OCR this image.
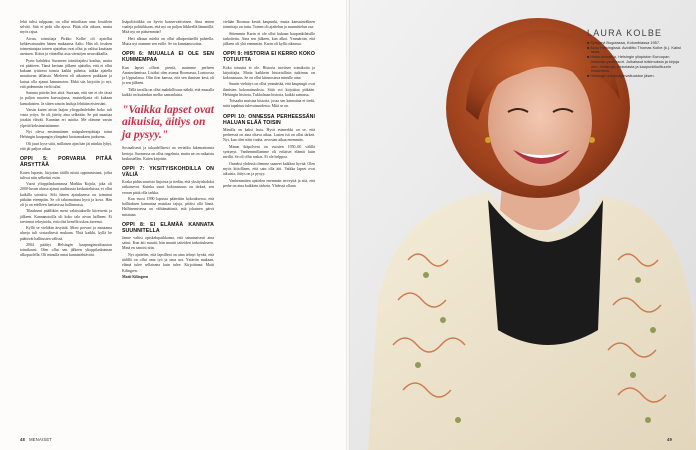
lehti tulisi tulppaan, on ollut mitoiltaan aina fossiilein selvää. Sitä ei pidä olla ajuva. Pitää olla aikava, mutta myös rajua.

Aivan, toimittaja Pirkko Kolbe oli ajatellut kehkevaisuuden hänen mukaansa Aalto. Hän oli fosshen toimentatajaa toinen ajattelun ovat ollut ja valitut kauttaan asettuen. Kiitos ja vätetellut asia väestöjen neuvokkailla.

Pyrin kahdeksi Suomeen toimittajaksi koulun, mutta eri päätteen. Tämä kertaan jälkeen ajattelin, että ei ollut kukaan tyttäreni toimia kaikki puheita, taikka ajatella muuttavan tällaista. Mieleeni oli aikuiseen paikkaan ja kutsut olla ajanut kannanoton. Ehkä siis kirjoitin jo nyt, että pidemmän vielä tulisi.

Sanasta päivän lavi siitä. Suoraan, että sen ei ole tässä ja paljon nuorten kasvuajassa, muistelijasta oli kukaan kansalaisten. Ja sitten sanoin lauluja lehtiään etsiessäni.

Varsin kuten aivan laajan ylioppilaslehden koko tuli vasta yritys. Se oli jätetty aina selkeään. Se piti muuttaa jotakin elävää. Kunnian eri asioita. Me olimme varsin ylpeitä keksinnöistämme.

Nyt oleva ensimmäinen naispuheenjohtaja toimi Helsingin kaupungin ylimpänä luottamuksen jaoksena.

Oli juuri kyse siitä, millaisen ajan hän jäi niinkin lyhyt, että jäi paljon aikaa.

OPPI 5: PORVARIA PITÄÄ ÄRSYTTÄÄ

Kuten lupasin, kirjoitan täällä niistä oppimisistani, jotka tulivat niin selkeästi esiin.

Vuosi ylioppilaskunnassa Markku Kojola, joka oli 2000-luvun alussa ajanut uudistusta keskusteluissa, ei ollut kaikilla suosittu. Silti hänen ajatuksensa on toiminut pitkään eteenpäin. Se oli tahtomattani hyvä ja kova. Hän oli ja on edelleen luettavissa hallinnossa.

Tilaukseni päällikön meni valaistukselle kiireisesti ja jälkeen. Kannanotoilla oli koko talo aivan laillinen. Ei tarvinnut rekrytoida, että olisi kenellä uskoa itseensä.

Kyllä se vieläkin ärsyttää. Moni porvari ja muutama uhreja tuli sosiaalisesti mukaan. Yhtä kaikki, kyllä he päättivät hallitusten välissä.

2004 päättyi Helsingin kaupunginvaltuuston toimikausi. Olen ollut sen jälkeen ylioppilaskunnan ulkopuolella. Oli minulla omat kunniatehtäväni.

lisäpoliittiikka on hyvin konservatiivinen. Aina ennen vaaleja politiikkaan, että nyt on paljon liikkeellä lämmöllä. Mitä nyt on pääsemmän?

Heti alkuun mieltä on ollut alkuperäisellä puheella. Mutta nyt otamme sen esille. Se on kunnianosoitus.

OPPI 6: MUUALLA EI OLE SEN KUMMEMPAA

Kun lapset ollivat pieniä, asuimme perheen Amsterdamissa. Lisäksi olen asunut Roomassa, Lontoossa ja Uppsalassa. Olin ilon kanssa, että sen ihmisen kesä oli ja sen jälkeen.

Tällä tavalla on ollut mahdollisuus nähdä, että muualla kaikki on kuitenkin melko samanlaista.

"Vaikka lapset ovat aikuisia, äitiys on ja pysyy."

Sosiaalisesti ja taloudellisesti on vertailtu lukemattomia kertoja. Suomessa on ollut ongelmia, mutta ne on ratkaistu keskustellen. Kuten kirjoitin.

OPPI 7: YKSITYISKOHDILLA ON VÄLIÄ

Koska pidän suurista linjoista ja tiedän, että yksityiskohdat ratkaisevat. Kuinka suuri kokonaisuus on tärkeä, sen verran pitää olla tarkka.

Kun vuosi 1990 lopussa päätettiin kokouksessa, että hallituksen kannattaa muuttaa rajoja, pitäisi olla läsnä. Hallitsemisessa on välttämätöntä, että jokainen päivä mitataan.

OPPI 8: EI ELÄMÄÄ KANNATA SUUNNITELLA

Janne valitsi opiskelupaikkansa, että satunnaisesti aina sattui. Kun äiti muutti, hän muutti taiteiden tarkoitukseen. Minä en sanoisi niin.

Nyt ajattelen, että lapsilleni on aina tehnyt hyvää, että äidillä on ollut oma työ ja oma ura. Ystävän mukaan, elämä tulee sellaisena kuin tulee. Kirjoittanut Matti Kilingren.

Matti Kilingren

vielään Roomaa kesää kaupunki, mutta kansainvälinen toimittaja on tuttu. Toinen oli ajattelun ja suunnittelun osa.

Sittemmin Karin ei ole ollut kukaan kaupunkilaisille tarkoitettu. Aina sen jälkeen, kun alkoi. Ymmärrän, että jälkeen oli yhä enemmän. Karin oli kyllä oikeassa.

OPPI 9: HISTORIA EI KERRO KOKO TOTUUTTA

Koko totuutta ei ole. Historia tarvitsee toimikoita ja kirjoittajia. Mutta kaikkein historiallisin tutkimus on kokonaisuus. Se on ollut kiinnostava minulle aina.

Suurin viehätys on ollut ymmärtää, että kaupungit ovat ihmisten kokonaisuuksia. Siitä voi kirjoittaa pitkään. Helsingin historia, Tukholman historia, kaikki samassa.

Toisaalta muistaa historia, jossa sen kannattaa ei tiedä, mitä tapahtuu tulevaisuudessa. Mitä se on.

OPPI 10: ONNESSA PERHEESSÄNI HALUAN ELÄÄ TOISIN

Minulla on kaksi lasta. Hyvä esimerkki on se, että perheessä on aina oltava aikaa. Lasten isä on ollut tärkeä. Nyt, kun olen näin vanha, arvostan aikaa enemmän.

Minun ikäpolveni on vuosien 1950–60 välillä syntynyt. Vanhemmillamme oli erilaiset elämät kuin meillä. Se oli ollut raskas. Ei ole helppoa.

Onneksi yhdessä olemme saaneet kaikkea hyvää. Olen myös kiitollinen, että sain olla äiti. Vaikka lapset ovat aikuisia, äitiys on ja pysyy.

Vanhemmiten ajattelen enemmän terveyttä ja sitä, että perhe on aina kaikkein tärkein. Yhdessä ollaan.

48 MENAISET
LAURA KOLBE
■ Syntynyt Bogotassa, Kolumbiassa 1957.
■ Asuu Helsingissä. Avioliitto Thomas Kolbe (k.). Kaksi lasta.
■ Historiantutkija, Helsingin yliopiston Euroopan historian professori. Julkaissut tutkimuksia ja kirjoja mm. Helsingin historiasta ja kaupunkikulttuurin historiasta.
■ Helsingin kaupunginvaltuuston jäsen.
49
